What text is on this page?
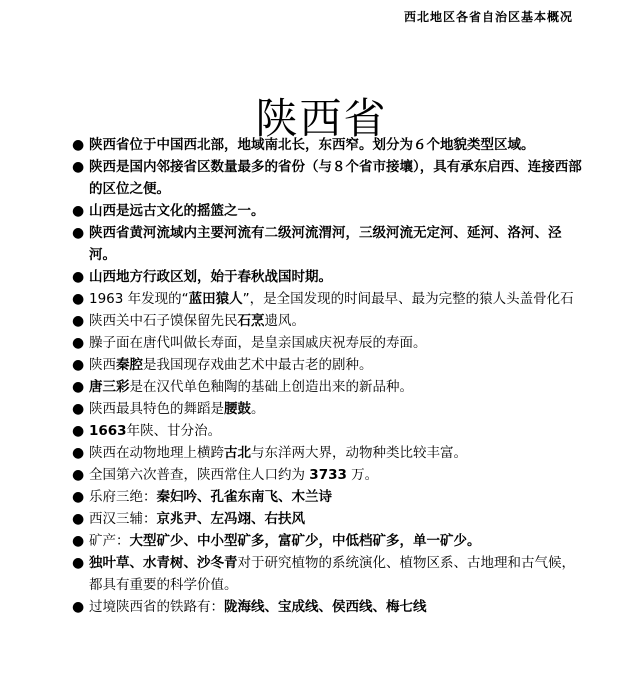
西北地区各省自治区基本概况
陕西省
● 陕西省位于中国西北部，地域南北长，东西窄。划分为６个地貌类型区域。
● 陕西是国内邻接省区数量最多的省份（与８个省市接壤），具有承东启西、连接西部的区位之便。
● 山西是远古文化的摇篮之一。
● 陕西省黄河流域内主要河流有二级河流渭河，三级河流无定河、延河、洛河、泾河。
● 山西地方行政区划，始于春秋战国时期。
● 1963 年发现的“蓝田猿人”，是全国发现的时间最早、最为完整的猿人头盖骨化石
● 陕西关中石子馍保留先民石烹遗风。
● 臊子面在唐代叫做长寿面，是皇亲国戚庆祝寿辰的寿面。
● 陕西秦腔是我国现存戏曲艺术中最古老的剧种。
● 唐三彩是在汉代单色釉陶的基础上创造出来的新品种。
● 陕西最具特色的舞蹈是腰鼓。
● 1663年陕、甘分治。
● 陕西在动物地理上横跨古北与东洋两大界，动物种类比较丰富。
● 全国第六次普查，陕西常住人口约为 3733 万。
● 乐府三绝：秦妇吟、孔雀东南飞、木兰诗
● 西汉三辅：京兆尹、左冯翊、右扶风
● 矿产：大型矿少、中小型矿多，富矿少，中低档矿多，单一矿少。
● 独叶草、水青树、沙冬青对于研究植物的系统演化、植物区系、古地理和古气候，都具有重要的科学价值。
● 过境陕西省的铁路有：陇海线、宝成线、侯西线、梅七线
